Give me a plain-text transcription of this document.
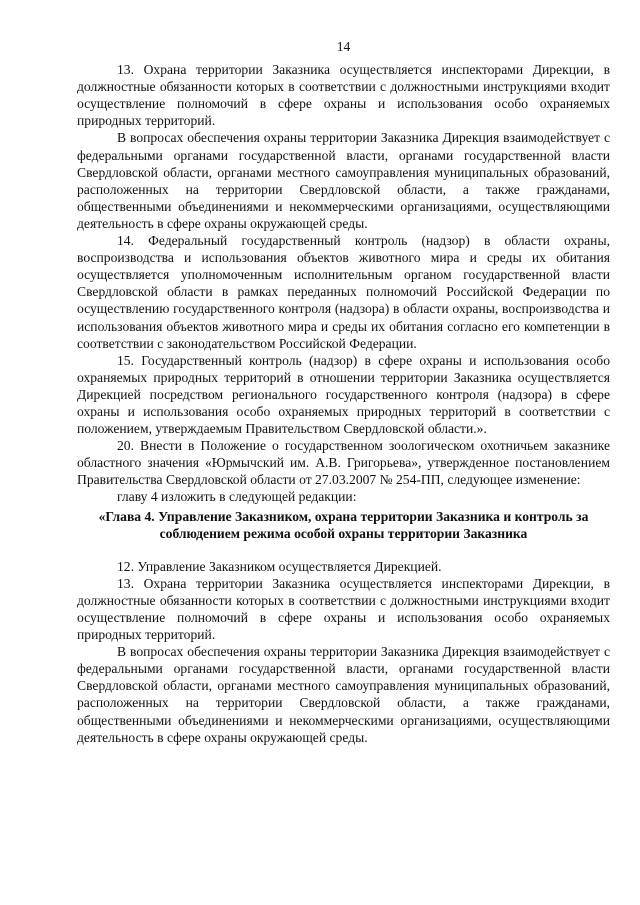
14

13. Охрана территории Заказника осуществляется инспекторами Дирекции, в должностные обязанности которых в соответствии с должностными инструкциями входит осуществление полномочий в сфере охраны и использования особо охраняемых природных территорий.

В вопросах обеспечения охраны территории Заказника Дирекция взаимодействует с федеральными органами государственной власти, органами государственной власти Свердловской области, органами местного самоуправления муниципальных образований, расположенных на территории Свердловской области, а также гражданами, общественными объединениями и некоммерческими организациями, осуществляющими деятельность в сфере охраны окружающей среды.

14. Федеральный государственный контроль (надзор) в области охраны, воспроизводства и использования объектов животного мира и среды их обитания осуществляется уполномоченным исполнительным органом государственной власти Свердловской области в рамках переданных полномочий Российской Федерации по осуществлению государственного контроля (надзора) в области охраны, воспроизводства и использования объектов животного мира и среды их обитания согласно его компетенции в соответствии с законодательством Российской Федерации.

15. Государственный контроль (надзор) в сфере охраны и использования особо охраняемых природных территорий в отношении территории Заказника осуществляется Дирекцией посредством регионального государственного контроля (надзора) в сфере охраны и использования особо охраняемых природных территорий в соответствии с положением, утверждаемым Правительством Свердловской области.».

20. Внести в Положение о государственном зоологическом охотничьем заказнике областного значения «Юрмычский им. А.В. Григорьева», утвержденное постановлением Правительства Свердловской области от 27.03.2007 № 254-ПП, следующее изменение:

главу 4 изложить в следующей редакции:

«Глава 4. Управление Заказником, охрана территории Заказника и контроль за соблюдением режима особой охраны территории Заказника

12. Управление Заказником осуществляется Дирекцией.

13. Охрана территории Заказника осуществляется инспекторами Дирекции, в должностные обязанности которых в соответствии с должностными инструкциями входит осуществление полномочий в сфере охраны и использования особо охраняемых природных территорий.

В вопросах обеспечения охраны территории Заказника Дирекция взаимодействует с федеральными органами государственной власти, органами государственной власти Свердловской области, органами местного самоуправления муниципальных образований, расположенных на территории Свердловской области, а также гражданами, общественными объединениями и некоммерческими организациями, осуществляющими деятельность в сфере охраны окружающей среды.
